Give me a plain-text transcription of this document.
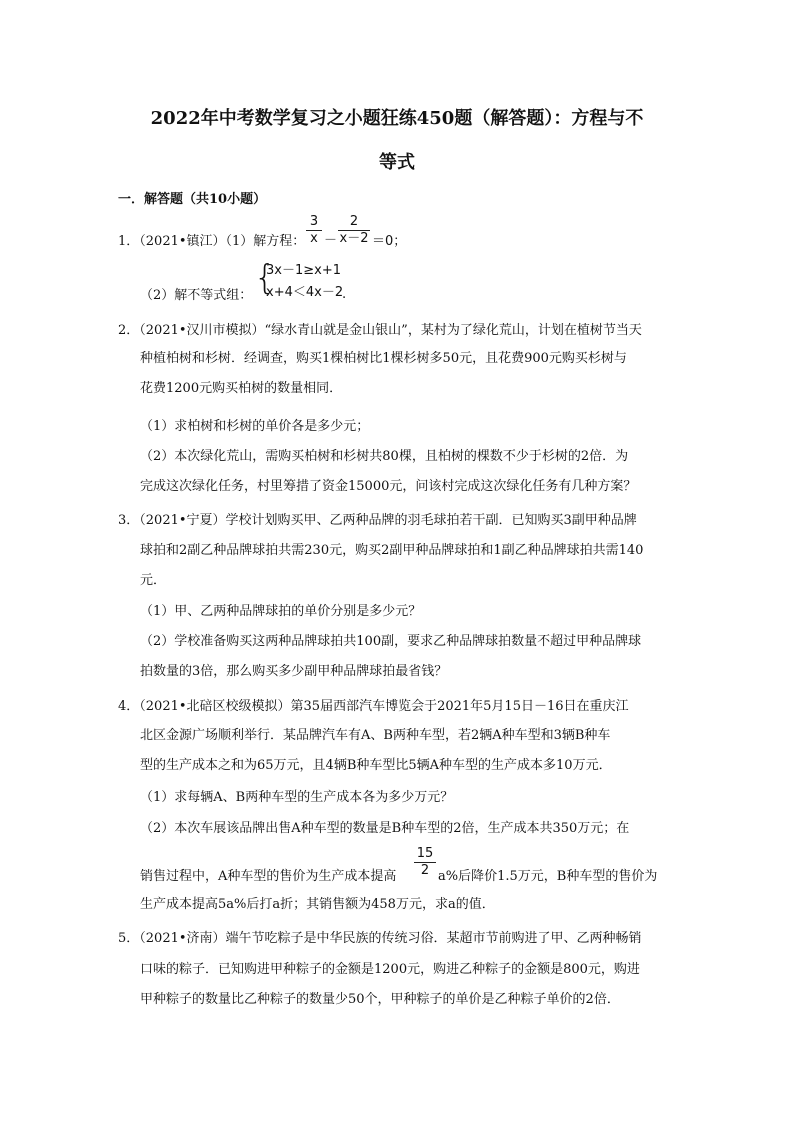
2022年中考数学复习之小题狂练450题（解答题）：方程与不
等式
一．解答题（共10小题）
1．（2021•镇江）（1）解方程： $\frac{3}{x} - \frac{2}{x-2} =0$；
（2）解不等式组： {
3x－1≥x+1
x+4＜4x－2
.
2．（2021•汉川市模拟）“绿水青山就是金山银山”，某村为了绿化荒山，计划在植树节当天
种植柏树和杉树．经调查，购买1棵柏树比1棵杉树多50元，且花费900元购买杉树与
花费1200元购买柏树的数量相同．
（1）求柏树和杉树的单价各是多少元；
（2）本次绿化荒山，需购买柏树和杉树共80棵，且柏树的棵数不少于杉树的2倍．为
完成这次绿化任务，村里筹措了资金15000元，问该村完成这次绿化任务有几种方案？
3．（2021•宁夏）学校计划购买甲、乙两种品牌的羽毛球拍若干副．已知购买3副甲种品牌
球拍和2副乙种品牌球拍共需230元，购买2副甲种品牌球拍和1副乙种品牌球拍共需140
元．
（1）甲、乙两种品牌球拍的单价分别是多少元？
（2）学校准备购买这两种品牌球拍共100副，要求乙种品牌球拍数量不超过甲种品牌球
拍数量的3倍，那么购买多少副甲种品牌球拍最省钱？
4．（2021•北碚区校级模拟）第35届西部汽车博览会于2021年5月15日－16日在重庆江
北区金源广场顺利举行．某品牌汽车有A、B两种车型，若2辆A种车型和3辆B种车
型的生产成本之和为65万元，且4辆B种车型比5辆A种车型的生产成本多10万元．
（1）求每辆A、B两种车型的生产成本各为多少万元？
（2）本次车展该品牌出售A种车型的数量是B种车型的2倍，生产成本共350万元；在
销售过程中，A种车型的售价为生产成本提高 $\frac{15}{2} a\%$后降价1.5万元，B种车型的售价为
生产成本提高5a%后打a折；其销售额为458万元，求a的值．
5．（2021•济南）端午节吃粽子是中华民族的传统习俗．某超市节前购进了甲、乙两种畅销
口味的粽子．已知购进甲种粽子的金额是1200元，购进乙种粽子的金额是800元，购进
甲种粽子的数量比乙种粽子的数量少50个，甲种粽子的单价是乙种粽子单价的2倍．
